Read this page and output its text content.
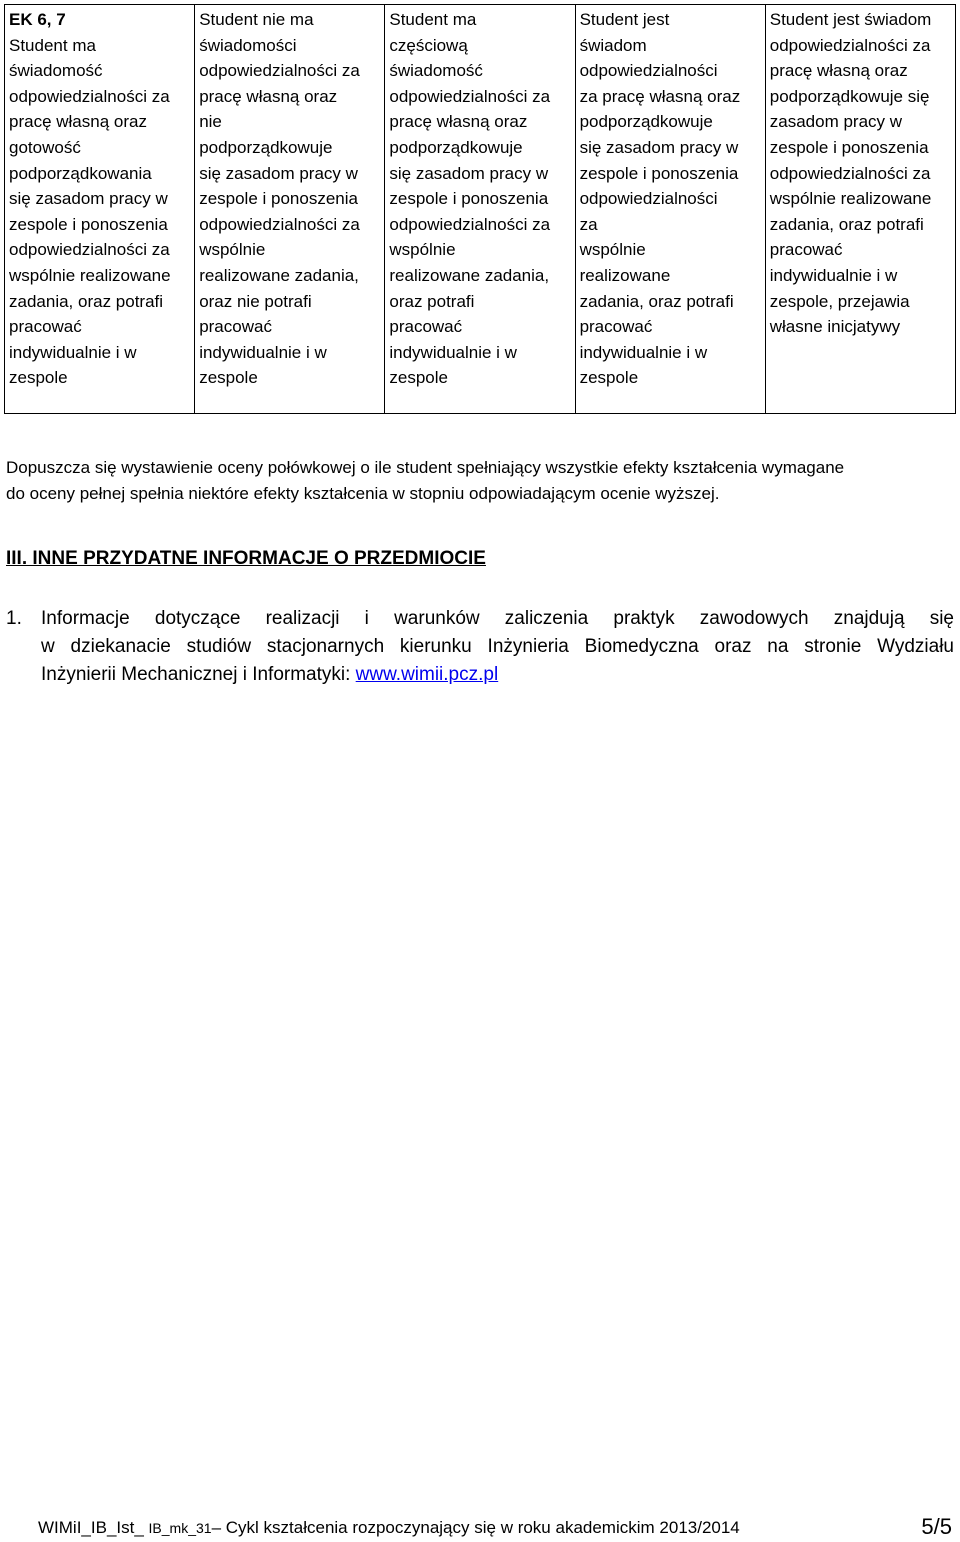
EK 6, 7
Student ma
świadomość
odpowiedzialności za
pracę własną oraz
gotowość
podporządkowania
się zasadom pracy w
zespole i ponoszenia
odpowiedzialności za
wspólnie realizowane
zadania, oraz potrafi
pracować
indywidualnie i w
zespole

Student nie ma
świadomości
odpowiedzialności za
pracę własną oraz
nie
podporządkowuje
się zasadom pracy w
zespole i ponoszenia
odpowiedzialności za
wspólnie
realizowane zadania,
oraz nie potrafi
pracować
indywidualnie i w
zespole

Student ma
częściową
świadomość
odpowiedzialności za
pracę własną oraz
podporządkowuje
się zasadom pracy w
zespole i ponoszenia
odpowiedzialności za
wspólnie
realizowane zadania,
oraz potrafi
pracować
indywidualnie i w
zespole

Student jest
świadom
odpowiedzialności
za pracę własną oraz
podporządkowuje
się zasadom pracy w
zespole i ponoszenia
odpowiedzialności
za
wspólnie
realizowane
zadania, oraz potrafi
pracować
indywidualnie i w
zespole

Student jest świadom
odpowiedzialności za
pracę własną oraz
podporządkowuje się
zasadom pracy w
zespole i ponoszenia
odpowiedzialności za
wspólnie realizowane
zadania, oraz potrafi
pracować
indywidualnie i w
zespole, przejawia
własne inicjatywy
Dopuszcza się wystawienie oceny połówkowej o ile student spełniający wszystkie efekty kształcenia wymagane
do oceny pełnej spełnia niektóre efekty kształcenia w stopniu odpowiadającym ocenie wyższej.
III. INNE PRZYDATNE INFORMACJE O PRZEDMIOCIE
1. Informacje dotyczące realizacji i warunków zaliczenia praktyk zawodowych znajdują się
w dziekanacie studiów stacjonarnych kierunku Inżynieria Biomedyczna oraz na stronie Wydziału
Inżynierii Mechanicznej i Informatyki: www.wimii.pcz.pl
WIMiI_IB_Ist_ IB_mk_31– Cykl kształcenia rozpoczynający się w roku akademickim 2013/2014	5/5
